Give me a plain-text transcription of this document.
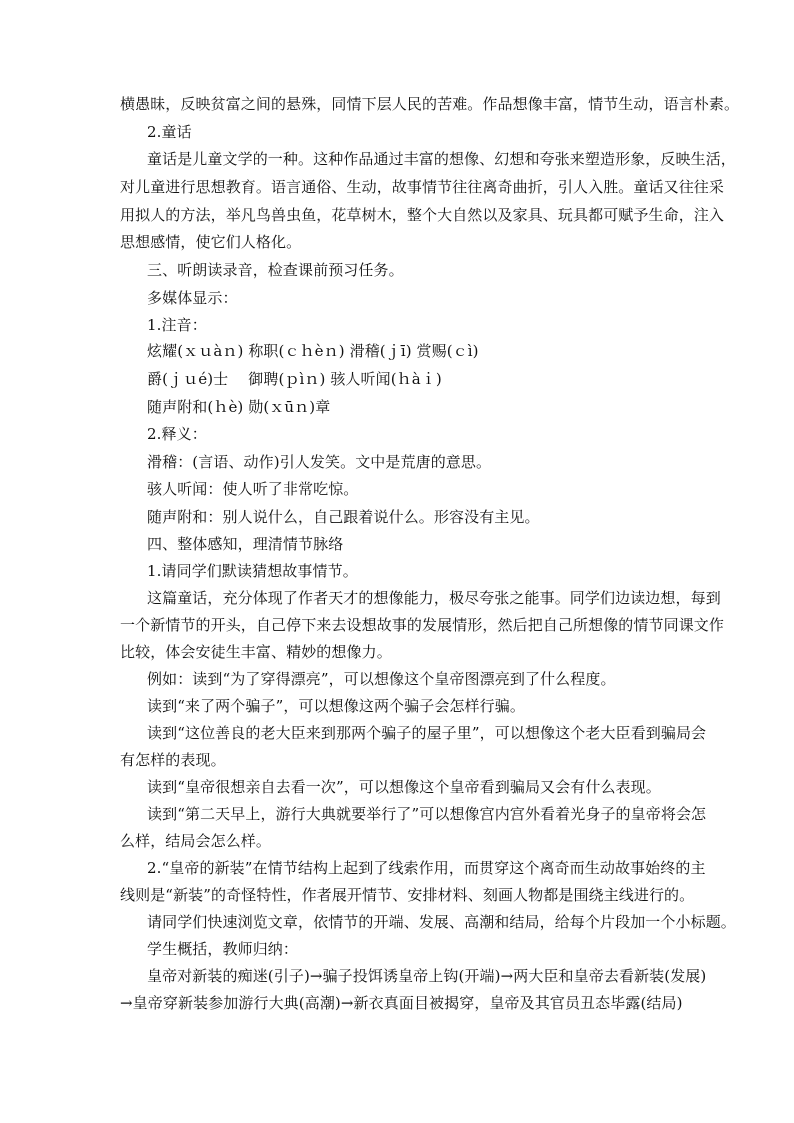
横愚昧，反映贫富之间的悬殊，同情下层人民的苦难。作品想像丰富，情节生动，语言朴素。
2.童话
童话是儿童文学的一种。这种作品通过丰富的想像、幻想和夸张来塑造形象，反映生活，
对儿童进行思想教育。语言通俗、生动，故事情节往往离奇曲折，引人入胜。童话又往往采
用拟人的方法，举凡鸟兽虫鱼，花草树木，整个大自然以及家具、玩具都可赋予生命，注入
思想感情，使它们人格化。
三、听朗读录音，检查课前预习任务。
多媒体显示：
1.注音：
炫耀(ｘｕàｎ) 称职(ｃｈèｎ) 滑稽(ｊī) 赏赐(ｃì)
爵(ｊｕé)士　 御聘(ｐìｎ) 骇人听闻(ｈàｉ)
随声附和(ｈè) 勋(ｘūｎ)章
2.释义：
滑稽：(言语、动作)引人发笑。文中是荒唐的意思。
骇人听闻：使人听了非常吃惊。
随声附和：别人说什么，自己跟着说什么。形容没有主见。
四、整体感知，理清情节脉络
1.请同学们默读猜想故事情节。
这篇童话，充分体现了作者天才的想像能力，极尽夸张之能事。同学们边读边想，每到
一个新情节的开头，自己停下来去设想故事的发展情形，然后把自己所想像的情节同课文作
比较，体会安徒生丰富、精妙的想像力。
例如：读到“为了穿得漂亮”，可以想像这个皇帝图漂亮到了什么程度。
读到“来了两个骗子”，可以想像这两个骗子会怎样行骗。
读到“这位善良的老大臣来到那两个骗子的屋子里”，可以想像这个老大臣看到骗局会
有怎样的表现。
读到“皇帝很想亲自去看一次”，可以想像这个皇帝看到骗局又会有什么表现。
读到“第二天早上，游行大典就要举行了”可以想像宫内宫外看着光身子的皇帝将会怎
么样，结局会怎么样。
2.“皇帝的新装”在情节结构上起到了线索作用，而贯穿这个离奇而生动故事始终的主
线则是“新装”的奇怪特性，作者展开情节、安排材料、刻画人物都是围绕主线进行的。
请同学们快速浏览文章，依情节的开端、发展、高潮和结局，给每个片段加一个小标题。
学生概括，教师归纳：
皇帝对新装的痴迷(引子)→骗子投饵诱皇帝上钩(开端)→两大臣和皇帝去看新装(发展)
→皇帝穿新装参加游行大典(高潮)→新衣真面目被揭穿，皇帝及其官员丑态毕露(结局)
